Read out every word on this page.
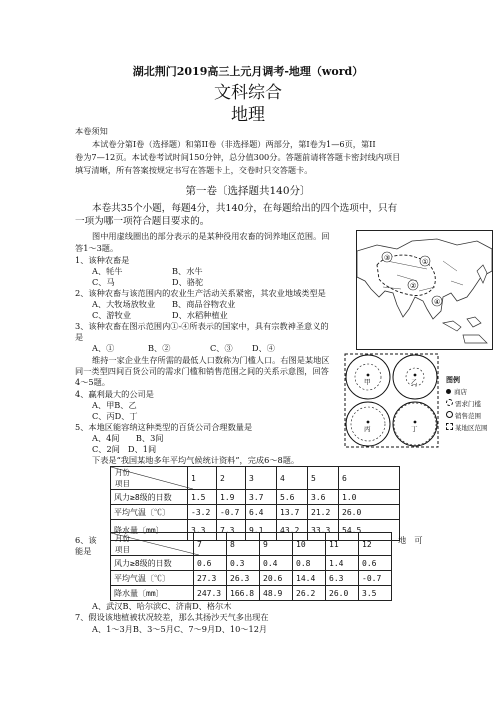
湖北荆门2019高三上元月调考-地理（word）
文科综合
地理
本卷须知
本试卷分第Ⅰ卷（选择题）和第II卷（非选择题）两部分，第Ⅰ卷为1—6页，第II
卷为7—12页。本试卷考试时间150分钟，总分值300分。答题前请将答题卡密封线内项目
填写清晰，所有答案按规定书写在答题卡上，交卷时只交答题卡。
第一卷〔选择题共140分〕
本卷共35个小题，每题4分，共140分，在每题给出的四个选项中，只有
一项为哪一项符合题目要求的。
图中用虚线圈出的部分表示的是某种役用农畜的饲养地区范围。回
答1～3题。
1、该种农畜是
A、牦牛	B、水牛
C、马	D、骆驼
2、该种农畜与该范围内的农业生产活动关系紧密，其农业地域类型是
A、大牧场放牧业 B、商品谷物农业
C、游牧业	D、水稻种植业
3、该种农畜在图示范围内①-④所表示的国家中，具有宗教神圣意义的
是
A、①	B、②	C、③ D、④
③	①
②
④
维持一家企业生存所需的最低人口数称为门槛人口。右图是某地区
同一类型四间百货公司的需求门槛和销售范围之间的关系示意图，回答
4～5题。
4、赢利最大的公司是
A、甲B、乙
C、丙D、丁
5、本地区能容纳这种类型的百货公司合理数量是
A、4间　　B、3间
C、2间　D、1间
甲	乙
丙	丁
图例
商店
需求门槛
销售范围
某地区范围
下表是“我国某地多年平均气候统计资料”，完成6～8题。
月份
项目	1	2	3	4	5	6
风力≥8级的日数	1.5	1.9	3.7	5.6	3.6	1.0
平均气温〔℃〕	-3.2	-0.7	6.4	13.7	21.2	26.0
降水量〔mm〕	3.3	7.3	9.1	43.2	33.3	54.5
6、该
能是
地　可
月份
项目	7	8	9	10	11	12
风力≥8级的日数	0.6	0.3	0.4	0.8	1.4	0.6
平均气温〔℃〕	27.3	26.3	20.6	14.4	6.3	-0.7
降水量〔mm〕	247.3	166.8	48.9	26.2	26.0	3.5
A、武汉B、哈尔滨C、济南D、格尔木
7、假设该地植被状况较差，那么其扬沙天气多出现在
A、1～3月B、3～5月C、7～9月D、10～12月
